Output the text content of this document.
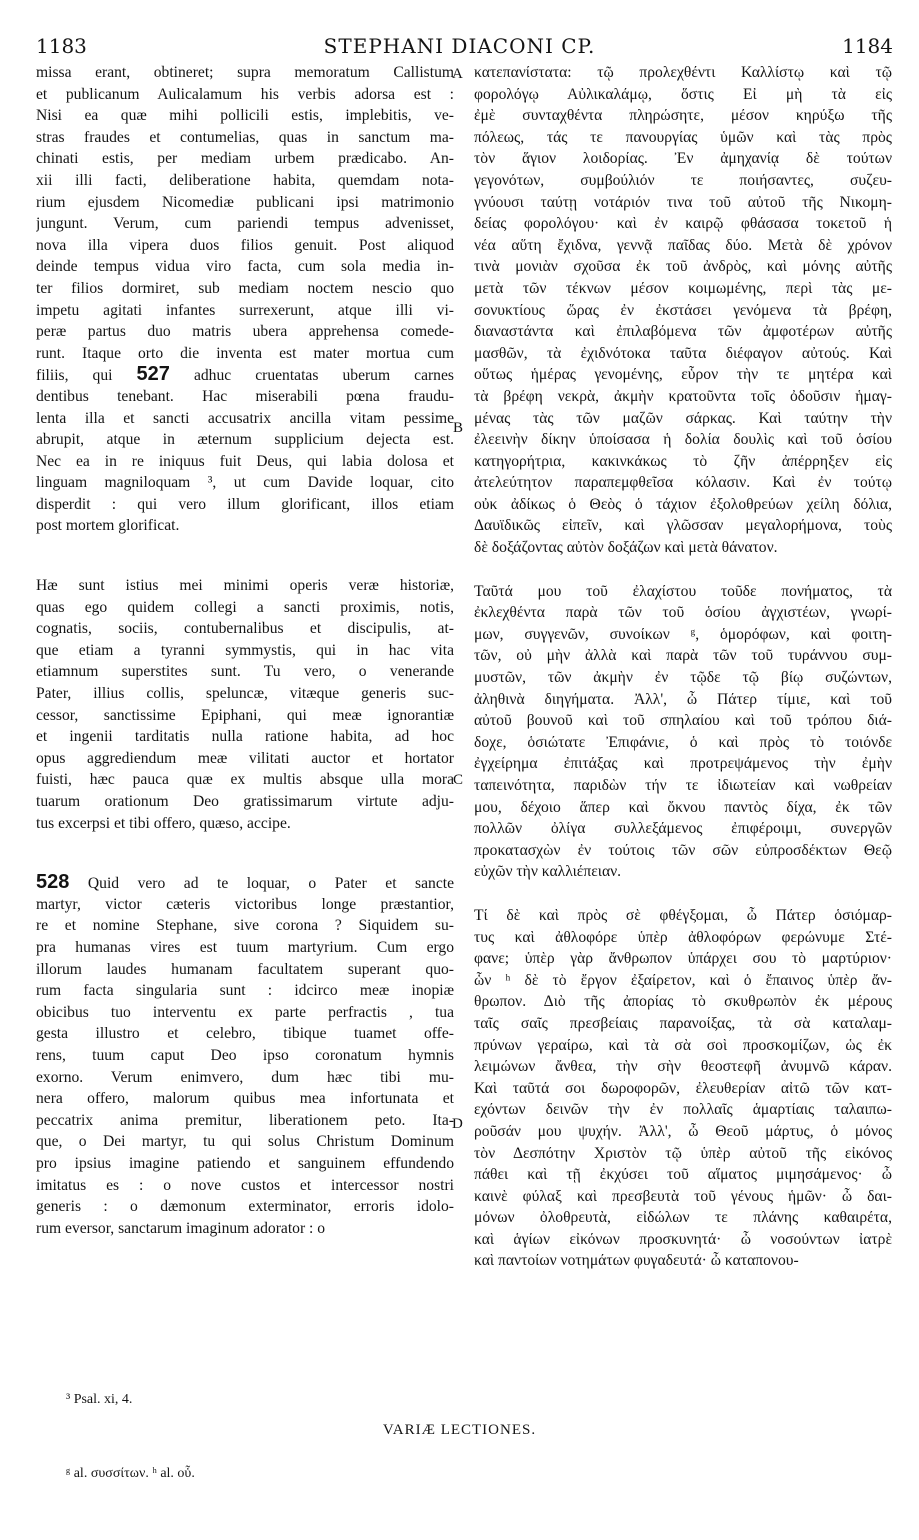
1183	STEPHANI DIACONI CP.	1184
missa erant, obtineret; supra memoratum Callistum
et publicanum Aulicalamum his verbis adorsa est :
Nisi ea quæ mihi pollicili estis, implebitis, ve-
stras fraudes et contumelias, quas in sanctum ma-
chinati estis, per mediam urbem prædicabo. An-
xii illi facti, deliberatione habita, quemdam nota-
rium ejusdem Nicomediæ publicani ipsi matrimonio
jungunt. Verum, cum pariendi tempus advenisset,
nova illa vipera duos filios genuit. Post aliquod
deinde tempus vidua viro facta, cum sola media in-
ter filios dormiret, sub mediam noctem nescio quo
impetu agitati infantes surrexerunt, atque illi vi-
peræ partus duo matris ubera apprehensa comede-
runt. Itaque orto die inventa est mater mortua cum
filiis, qui 527 adhuc cruentatas uberum carnes
dentibus tenebant. Hac miserabili pœna fraudu-
lenta illa et sancti accusatrix ancilla vitam pessime
abrupit, atque in æternum supplicium dejecta est.
Nec ea in re iniquus fuit Deus, qui labia dolosa et
linguam magniloquam ³, ut cum Davide loquar, cito
disperdit : qui vero illum glorificant, illos etiam
post mortem glorificat.
Hæ sunt istius mei minimi operis veræ historiæ,
quas ego quidem collegi a sancti proximis, notis,
cognatis, sociis, contubernalibus et discipulis, at-
que etiam a tyranni symmystis, qui in hac vita
etiamnum superstites sunt. Tu vero, o venerande
Pater, illius collis, speluncæ, vitæque generis suc-
cessor, sanctissime Epiphani, qui meæ ignorantiæ
et ingenii tarditatis nulla ratione habita, ad hoc
opus aggrediendum meæ vilitati auctor et hortator
fuisti, hæc pauca quæ ex multis absque ulla mora
tuarum orationum Deo gratissimarum virtute adju-
tus excerpsi et tibi offero, quæso, accipe.
528 Quid vero ad te loquar, o Pater et sancte
martyr, victor cæteris victoribus longe præstantior,
re et nomine Stephane, sive corona ? Siquidem su-
pra humanas vires est tuum martyrium. Cum ergo
illorum laudes humanam facultatem superant quo-
rum facta singularia sunt : idcirco meæ inopiæ
obicibus tuo interventu ex parte perfractis , tua
gesta illustro et celebro, tibique tuamet offe-
rens, tuum caput Deo ipso coronatum hymnis
exorno. Verum enimvero, dum hæc tibi mu-
nera offero, malorum quibus mea infortunata et
peccatrix anima premitur, liberationem peto. Ita-
que, o Dei martyr, tu qui solus Christum Dominum
pro ipsius imagine patiendo et sanguinem effundendo
imitatus es : o nove custos et intercessor nostri
generis : o dæmonum exterminator, erroris idolo-
rum eversor, sanctarum imaginum adorator : o
κατεπανίστατα: τῷ προλεχθέντι Καλλίστῳ καὶ τῷ
φορολόγῳ Αὐλικαλάμῳ, ὅστις Εἰ μὴ τὰ εἰς
ἐμὲ συνταχθέντα πληρώσητε, μέσον κηρύξω τῆς
πόλεως, τάς τε πανουργίας ὑμῶν καὶ τὰς πρὸς
τὸν ἅγιον λοιδορίας. Ἐν ἀμηχανίᾳ δὲ τούτων
γεγονότων, συμβούλιόν τε ποιήσαντες, συζευ-
γνύουσι ταύτῃ νοτάριόν τινα τοῦ αὐτοῦ τῆς Νικομη-
δείας φορολόγου· καὶ ἐν καιρῷ φθάσασα τοκετοῦ ἡ
νέα αὕτη ἔχιδνα, γεννᾷ παῖδας δύο. Μετὰ δὲ χρόνον
τινὰ μονιὰν σχοῦσα ἐκ τοῦ ἀνδρὸς, καὶ μόνης αὐτῆς
μετὰ τῶν τέκνων μέσον κοιμωμένης, περὶ τὰς με-
σονυκτίους ὥρας ἐν ἐκστάσει γενόμενα τὰ βρέφη,
διαναστάντα καὶ ἐπιλαβόμενα τῶν ἀμφοτέρων αὐτῆς
μασθῶν, τὰ ἐχιδνότοκα ταῦτα διέφαγον αὐτούς. Καὶ
οὕτως ἡμέρας γενομένης, εὗρον τὴν τε μητέρα καὶ
τὰ βρέφη νεκρὰ, ἀκμὴν κρατοῦντα τοῖς ὀδοῦσιν ἡμαγ-
μένας τὰς τῶν μαζῶν σάρκας. Καὶ ταύτην τὴν
ἐλεεινὴν δίκην ὑποίσασα ἡ δολία δουλὶς καὶ τοῦ ὁσίου
κατηγορήτρια, κακινκάκως τὸ ζῆν ἀπέρρηξεν εἰς
ἀτελεύτητον παραπεμφθεῖσα κόλασιν. Καὶ ἐν τούτῳ
οὐκ ἀδίκως ὁ Θεὸς ὁ τάχιον ἐξολοθρεύων χείλη δόλια,
Δαυϊδικῶς εἰπεῖν, καὶ γλῶσσαν μεγαλορήμονα, τοὺς
δὲ δοξάζοντας αὐτὸν δοξάζων καὶ μετὰ θάνατον.
Ταῦτά μου τοῦ ἐλαχίστου τοῦδε πονήματος, τὰ
ἐκλεχθέντα παρὰ τῶν τοῦ ὁσίου ἀγχιστέων, γνωρί-
μων, συγγενῶν, συνοίκων ᵍ, ὁμορόφων, καὶ φοιτη-
τῶν, οὐ μὴν ἀλλὰ καὶ παρὰ τῶν τοῦ τυράννου συμ-
μυστῶν, τῶν ἀκμὴν ἐν τῷδε τῷ βίῳ συζώντων,
ἀληθινὰ διηγήματα. Ἀλλ', ὦ Πάτερ τίμιε, καὶ τοῦ
αὐτοῦ βουνοῦ καὶ τοῦ σπηλαίου καὶ τοῦ τρόπου διά-
δοχε, ὁσιώτατε Ἐπιφάνιε, ὁ καὶ πρὸς τὸ τοιόνδε
ἐγχείρημα ἐπιτάξας καὶ προτρεψάμενος τὴν ἐμὴν
ταπεινότητα, παριδὼν τήν τε ἰδιωτείαν καὶ νωθρείαν
μου, δέχοιο ἅπερ καὶ ὄκνου παντὸς δίχα, ἐκ τῶν
πολλῶν ὀλίγα συλλεξάμενος ἐπιφέροιμι, συνεργῶν
προκατασχὼν ἐν τούτοις τῶν σῶν εὐπροσδέκτων Θεῷ
εὐχῶν τὴν καλλιέπειαν.
Τί δὲ καὶ πρὸς σὲ φθέγξομαι, ὦ Πάτερ ὁσιόμαρ-
τυς καὶ ἀθλοφόρε ὑπὲρ ἀθλοφόρων φερώνυμε Στέ-
φανε; ὑπὲρ γὰρ ἄνθρωπον ὑπάρχει σου τὸ μαρτύριον·
ὧν ʰ δὲ τὸ ἔργον ἐξαίρετον, καὶ ὁ ἔπαινος ὑπὲρ ἄν-
θρωπον. Διὸ τῆς ἀπορίας τὸ σκυθρωπὸν ἐκ μέρους
ταῖς σαῖς πρεσβείαις παρανοίξας, τὰ σὰ καταλαμ-
πρύνων γεραίρω, καὶ τὰ σὰ σοὶ προσκομίζων, ὡς ἐκ
λειμώνων ἄνθεα, τὴν σὴν θεοστεφῆ ἀνυμνῶ κάραν.
Καὶ ταῦτά σοι δωροφορῶν, ἐλευθερίαν αἰτῶ τῶν κατ-
εχόντων δεινῶν τὴν ἐν πολλαῖς ἁμαρτίαις ταλαιπω-
ροῦσάν μου ψυχήν. Ἀλλ', ὦ Θεοῦ μάρτυς, ὁ μόνος
τὸν Δεσπότην Χριστὸν τῷ ὑπὲρ αὐτοῦ τῆς εἰκόνος
πάθει καὶ τῇ ἐκχύσει τοῦ αἵματος μιμησάμενος· ὦ
καινὲ φύλαξ καὶ πρεσβευτὰ τοῦ γένους ἡμῶν· ὦ δαι-
μόνων ὀλοθρευτὰ, εἰδώλων τε πλάνης καθαιρέτα,
καὶ ἁγίων εἰκόνων προσκυνητά· ὦ νοσούντων ἰατρὲ
καὶ παντοίων νοτημάτων φυγαδευτά· ὦ καταπονου-
A
B
C
D
³ Psal. xi, 4.
VARIÆ LECTIONES.
ᵍ al. συσσίτων. ʰ al. οὗ.
